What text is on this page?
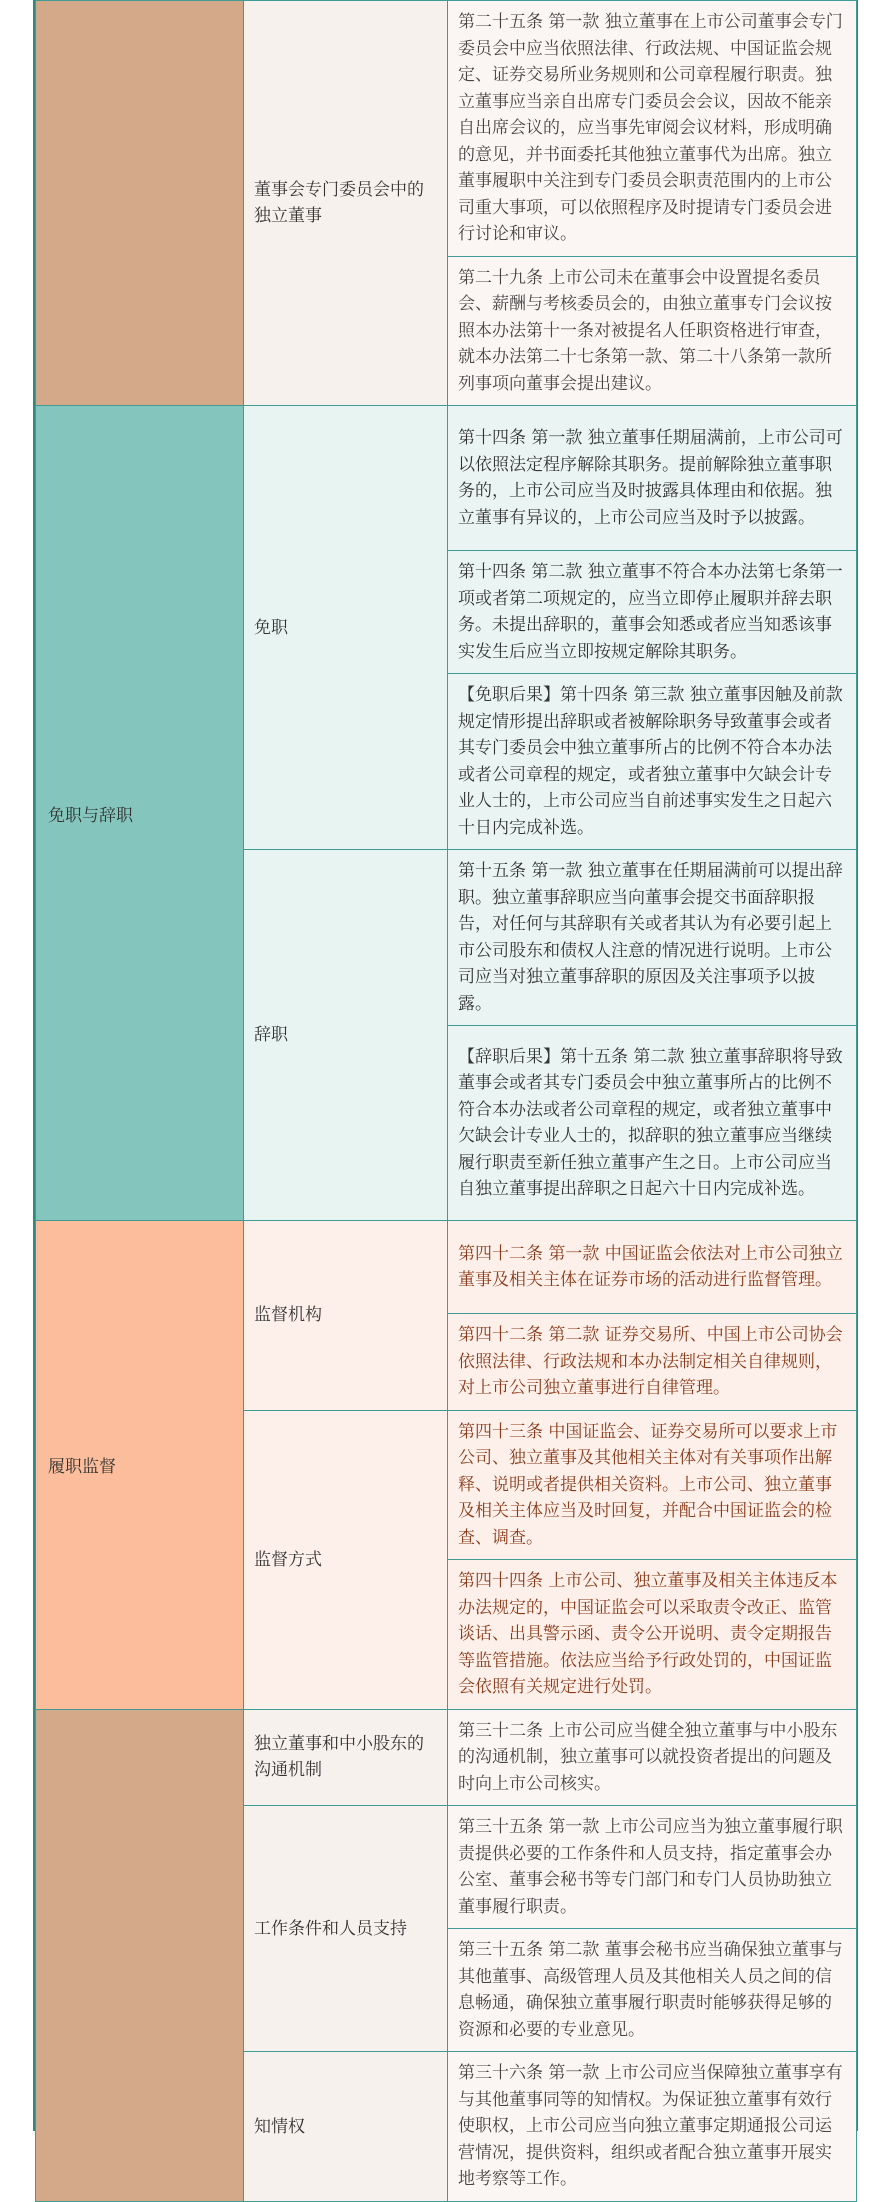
	董事会专门委员会中的独立董事	第二十五条 第一款 独立董事在上市公司董事会专门委员会中应当依照法律、行政法规、中国证监会规定、证券交易所业务规则和公司章程履行职责。独立董事应当亲自出席专门委员会会议，因故不能亲自出席会议的，应当事先审阅会议材料，形成明确的意见，并书面委托其他独立董事代为出席。独立董事履职中关注到专门委员会职责范围内的上市公司重大事项，可以依照程序及时提请专门委员会进行讨论和审议。
		第二十九条 上市公司未在董事会中设置提名委员会、薪酬与考核委员会的，由独立董事专门会议按照本办法第十一条对被提名人任职资格进行审查，就本办法第二十七条第一款、第二十八条第一款所列事项向董事会提出建议。
免职与辞职	免职	第十四条 第一款 独立董事任期届满前，上市公司可以依照法定程序解除其职务。提前解除独立董事职务的，上市公司应当及时披露具体理由和依据。独立董事有异议的，上市公司应当及时予以披露。
		第十四条 第二款 独立董事不符合本办法第七条第一项或者第二项规定的，应当立即停止履职并辞去职务。未提出辞职的，董事会知悉或者应当知悉该事实发生后应当立即按规定解除其职务。
		【免职后果】第十四条 第三款 独立董事因触及前款规定情形提出辞职或者被解除职务导致董事会或者其专门委员会中独立董事所占的比例不符合本办法或者公司章程的规定，或者独立董事中欠缺会计专业人士的，上市公司应当自前述事实发生之日起六十日内完成补选。
	辞职	第十五条 第一款 独立董事在任期届满前可以提出辞职。独立董事辞职应当向董事会提交书面辞职报告，对任何与其辞职有关或者其认为有必要引起上市公司股东和债权人注意的情况进行说明。上市公司应当对独立董事辞职的原因及关注事项予以披露。
		【辞职后果】第十五条 第二款 独立董事辞职将导致董事会或者其专门委员会中独立董事所占的比例不符合本办法或者公司章程的规定，或者独立董事中欠缺会计专业人士的，拟辞职的独立董事应当继续履行职责至新任独立董事产生之日。上市公司应当自独立董事提出辞职之日起六十日内完成补选。
履职监督	监督机构	第四十二条 第一款 中国证监会依法对上市公司独立董事及相关主体在证券市场的活动进行监督管理。
		第四十二条 第二款 证券交易所、中国上市公司协会依照法律、行政法规和本办法制定相关自律规则，对上市公司独立董事进行自律管理。
	监督方式	第四十三条 中国证监会、证券交易所可以要求上市公司、独立董事及其他相关主体对有关事项作出解释、说明或者提供相关资料。上市公司、独立董事及相关主体应当及时回复，并配合中国证监会的检查、调查。
		第四十四条 上市公司、独立董事及相关主体违反本办法规定的，中国证监会可以采取责令改正、监管谈话、出具警示函、责令公开说明、责令定期报告等监管措施。依法应当给予行政处罚的，中国证监会依照有关规定进行处罚。
	独立董事和中小股东的沟通机制	第三十二条 上市公司应当健全独立董事与中小股东的沟通机制，独立董事可以就投资者提出的问题及时向上市公司核实。
	工作条件和人员支持	第三十五条 第一款 上市公司应当为独立董事履行职责提供必要的工作条件和人员支持，指定董事会办公室、董事会秘书等专门部门和专门人员协助独立董事履行职责。
		第三十五条 第二款 董事会秘书应当确保独立董事与其他董事、高级管理人员及其他相关人员之间的信息畅通，确保独立董事履行职责时能够获得足够的资源和必要的专业意见。
	知情权	第三十六条 第一款 上市公司应当保障独立董事享有与其他董事同等的知情权。为保证独立董事有效行使职权，上市公司应当向独立董事定期通报公司运营情况，提供资料，组织或者配合独立董事开展实地考察等工作。
